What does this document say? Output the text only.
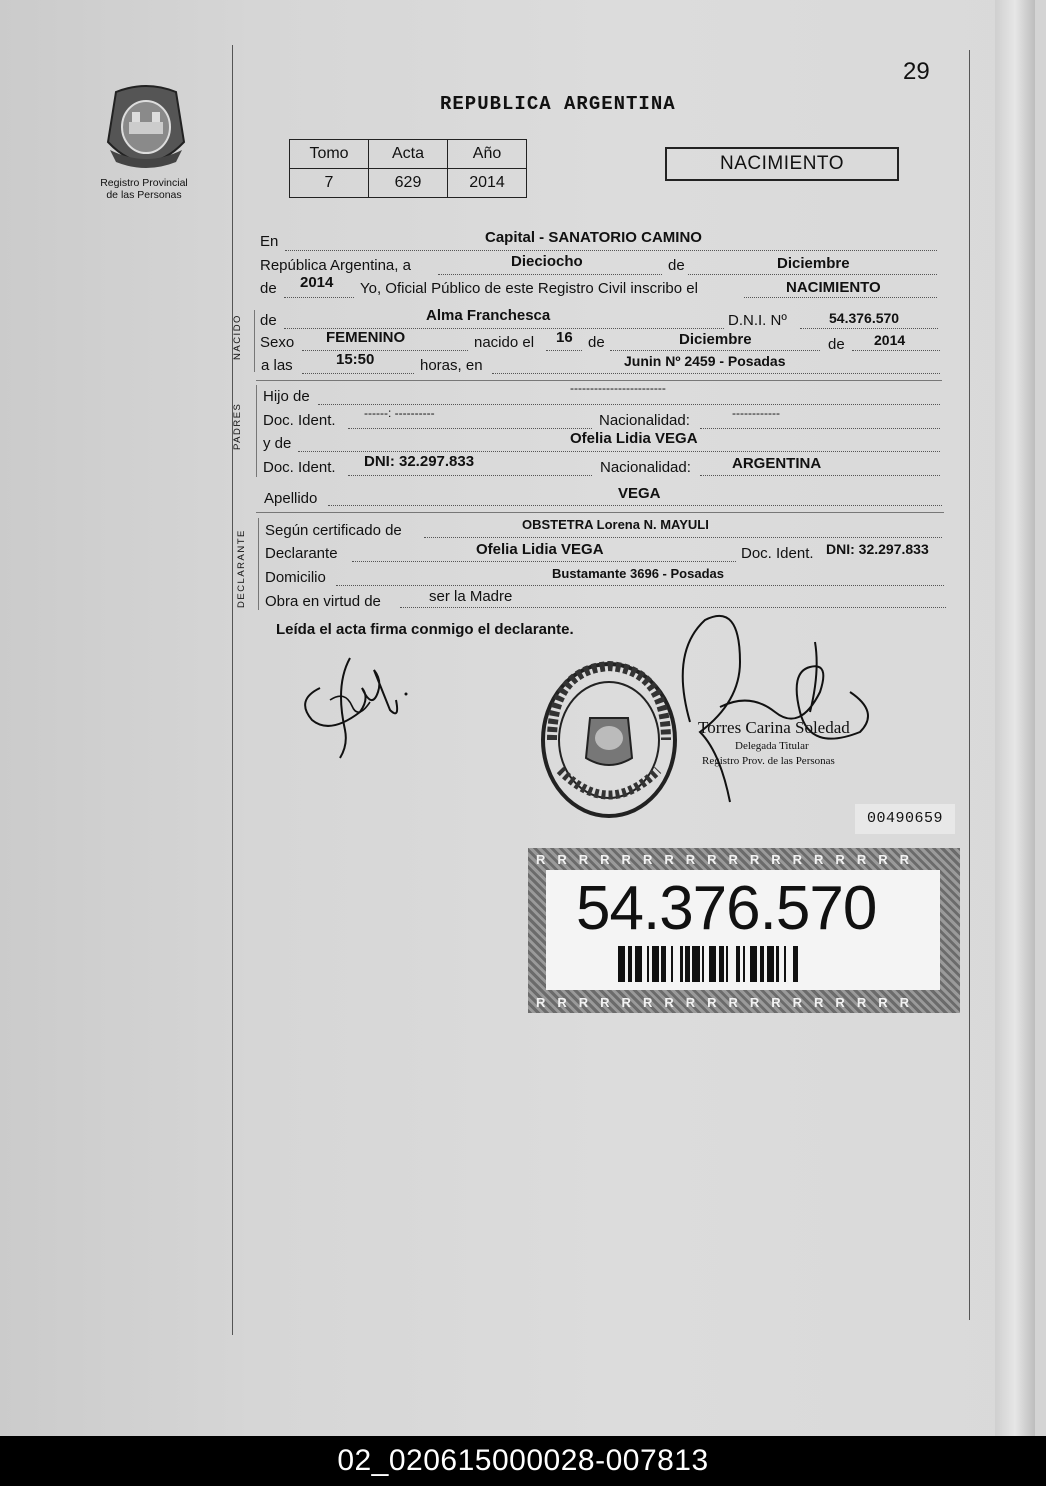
29
Registro Provincial
de las Personas
REPUBLICA ARGENTINA
Tomo	Acta	Año
7	629	2014
NACIMIENTO
En	Capital - SANATORIO CAMINO
República Argentina, a	Dieciocho	de	Diciembre
de 2014 Yo, Oficial Público de este Registro Civil inscribo el	NACIMIENTO
NACIDO de	Alma Franchesca	D.N.I. Nº	54.376.570
Sexo FEMENINO	nacido el 16 de	Diciembre	de 2014
a las	15:50	horas, en	Junin Nº 2459 - Posadas
PADRES
Hijo de	------------------------
Doc. Ident. ------: ----------	Nacionalidad:	------------
y de	Ofelia Lidia VEGA
Doc. Ident. DNI: 32.297.833	Nacionalidad:	ARGENTINA
Apellido	VEGA
DECLARANTE Según certificado de	OBSTETRA Lorena N. MAYULI
Declarante	Ofelia Lidia VEGA	Doc. Ident. DNI: 32.297.833
Domicilio	Bustamante 3696 - Posadas
Obra en virtud de	ser la Madre
Leída el acta firma conmigo el declarante.
Torres Carina Soledad
Delegada Titular
Registro Prov. de las Personas
00490659
RRRRRRRRRRRRRRRRRR
RRRRRRRRRRRRRRRRRR
54.376.570
02_020615000028-007813
